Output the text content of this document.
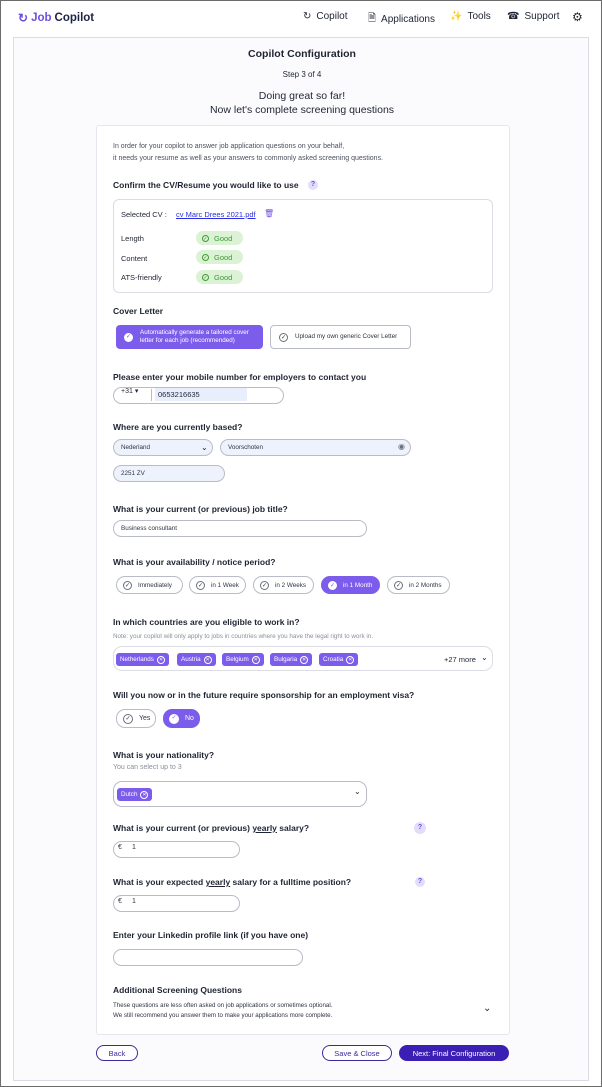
↻ Job Copilot	↻ Copilot 🗎 Applications ✨ Tools ☎ Support ⚙
Copilot Configuration
Step 3 of 4
Doing great so far!
Now let's complete screening questions
In order for your copilot to answer job application questions on your behalf,
it needs your resume as well as your answers to commonly asked screening questions.
Confirm the CV/Resume you would like to use	?
Selected CV : cv Marc Drees 2021.pdf 🗑
Length	✓ Good
Content	✓ Good
ATS-friendly	✓ Good
Cover Letter
✓
Automatically generate a tailored cover
letter for each job (recommended)	✓	Upload my own generic Cover Letter
Please enter your mobile number for employers to contact you
+31 ▾	0653216635
Where are you currently based?
Nederland	⌄	Voorschoten	◉
2251 ZV
What is your current (or previous) job title?
Business consultant
What is your availability / notice period?
✓	Immediately	✓	in 1 Week	✓	in 2 Weeks	✓	in 1 Month	✓	in 2 Months
In which countries are you eligible to work in?
Note: your copilot will only apply to jobs in countries where you have the legal right to work in.
Netherlands ✕	Austria ✕	Belgium ✕	Bulgaria ✕	Croatia ✕	+27 more ⌄
Will you now or in the future require sponsorship for an employment visa?
✓	Yes	✓	No
What is your nationality?
You can select up to 3
Dutch ✕	⌄
What is your current (or previous) yearly salary?	?
€ 1
What is your expected yearly salary for a fulltime position?	?
€ 1
Enter your Linkedin profile link (if you have one)
Additional Screening Questions
These questions are less often asked on job applications or sometimes optional.
We still recommend you answer them to make your applications more complete.
⌄
Back	Save & Close	Next: Final Configuration
